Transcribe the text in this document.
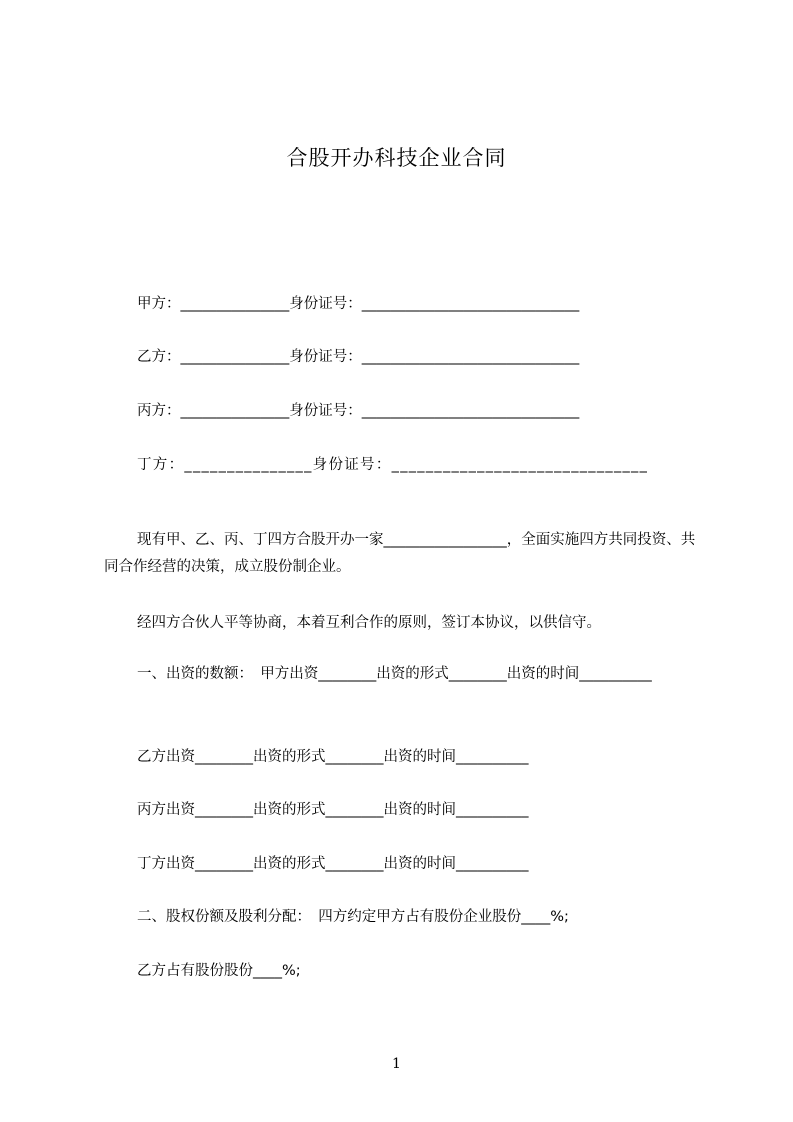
合股开办科技企业合同
甲方：_______________身份证号：______________________________
乙方：_______________身份证号：______________________________
丙方：_______________身份证号：______________________________
丁方：_______________身份证号：______________________________
现有甲、乙、丙、丁四方合股开办一家_________________，全面实施四方共同投资、共同合作经营的决策，成立股份制企业。
经四方合伙人平等协商，本着互利合作的原则，签订本协议，以供信守。
一、出资的数额：　甲方出资________出资的形式________出资的时间__________
乙方出资________出资的形式________出资的时间__________
丙方出资________出资的形式________出资的时间__________
丁方出资________出资的形式________出资的时间__________
二、股权份额及股利分配：　四方约定甲方占有股份企业股份____%;
乙方占有股份股份____%;
1
